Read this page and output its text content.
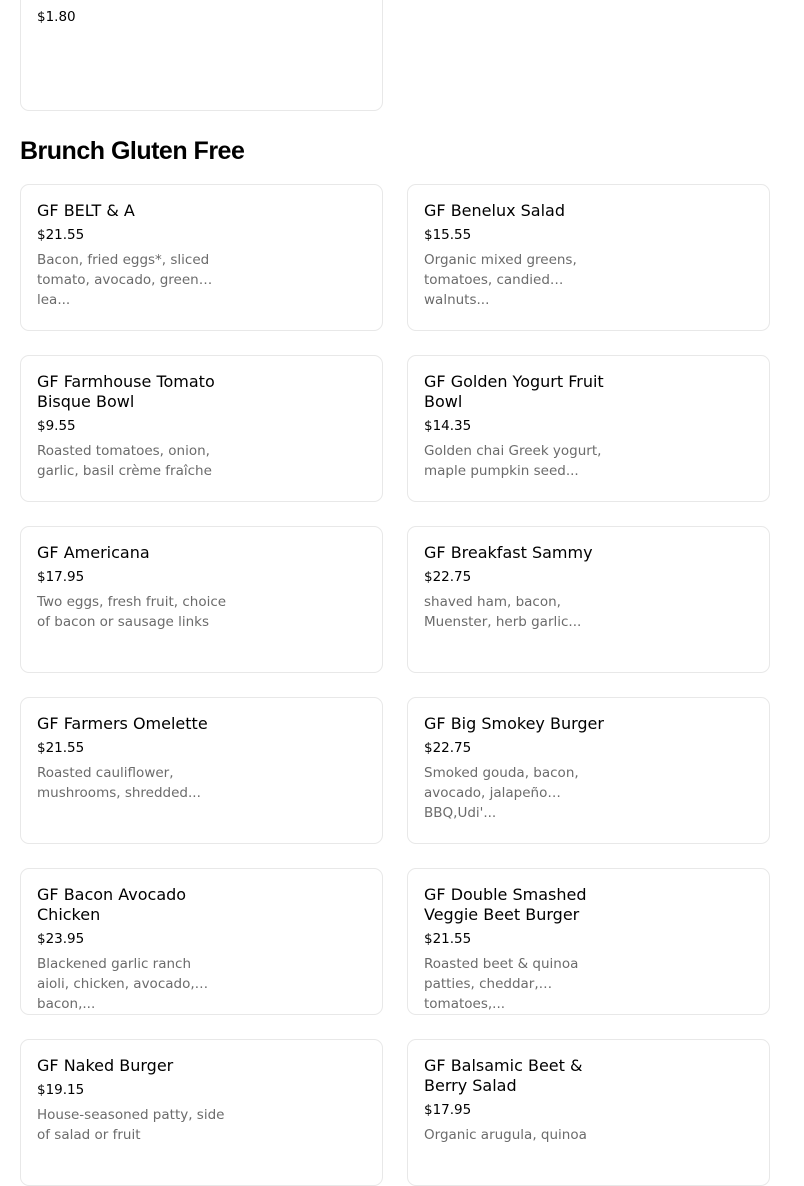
$1.80
Brunch Gluten Free
GF BELT & A
$21.55
Bacon, fried eggs*, sliced tomato, avocado, green lea...
GF Benelux Salad
$15.55
Organic mixed greens, tomatoes, candied walnuts...
GF Farmhouse Tomato Bisque Bowl
$9.55
Roasted tomatoes, onion, garlic, basil crème fraîche
GF Golden Yogurt Fruit Bowl
$14.35
Golden chai Greek yogurt, maple pumpkin seed...
GF Americana
$17.95
Two eggs, fresh fruit, choice of bacon or sausage links
GF Breakfast Sammy
$22.75
shaved ham, bacon, Muenster, herb garlic...
GF Farmers Omelette
$21.55
Roasted cauliflower, mushrooms, shredded...
GF Big Smokey Burger
$22.75
Smoked gouda, bacon, avocado, jalapeño BBQ,Udi'...
GF Bacon Avocado Chicken
$23.95
Blackened garlic ranch aioli, chicken, avocado, bacon,...
GF Double Smashed Veggie Beet Burger
$21.55
Roasted beet & quinoa patties, cheddar, tomatoes,...
GF Naked Burger
$19.15
House-seasoned patty, side of salad or fruit
GF Balsamic Beet & Berry Salad
$17.95
Organic arugula, quinoa
